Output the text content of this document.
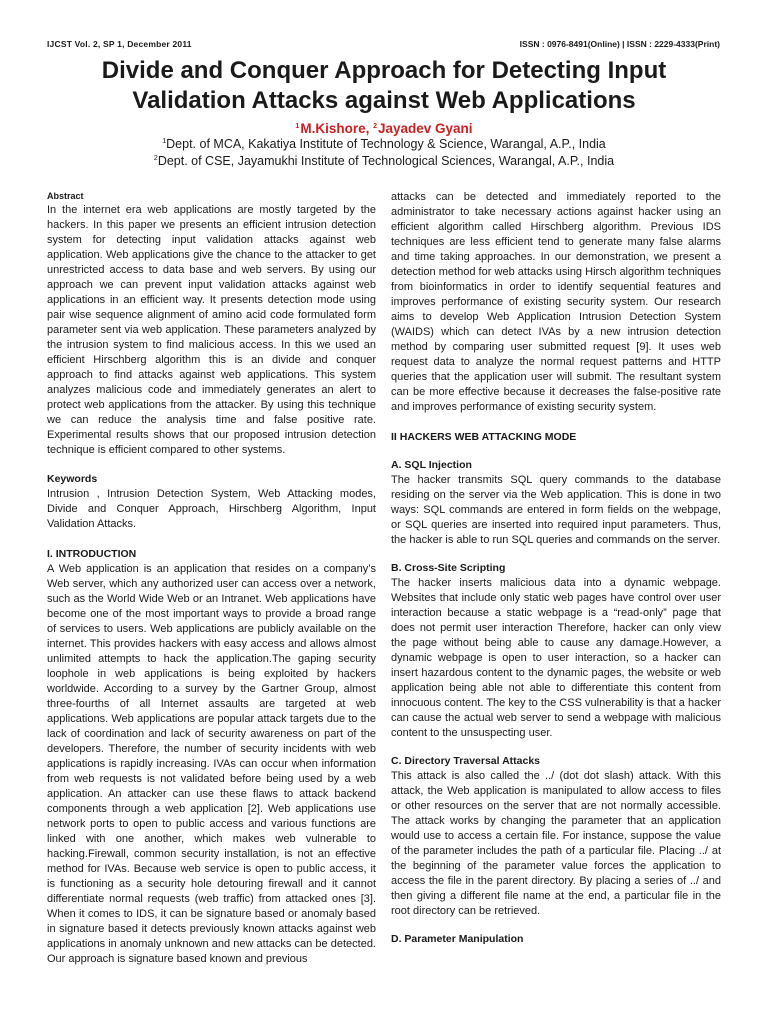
IJCST Vol. 2, SP 1, December 2011	ISSN : 0976-8491(Online) | ISSN : 2229-4333(Print)
Divide and Conquer Approach for Detecting Input
Validation Attacks against Web Applications
$^1$M.Kishore, $^2$Jayadev Gyani
$^1$Dept. of MCA, Kakatiya Institute of Technology & Science, Warangal, A.P., India
$^2$Dept. of CSE, Jayamukhi Institute of Technological Sciences, Warangal, A.P., India

Abstract

In the internet era web applications are mostly targeted by the hackers. In this paper we presents an efficient intrusion detection system for detecting input validation attacks against web application. Web applications give the chance to the attacker to get unrestricted access to data base and web servers. By using our approach we can prevent input validation attacks against web applications in an efficient way. It presents detection mode using pair wise sequence alignment of amino acid code formulated form parameter sent via web application. These parameters analyzed by the intrusion system to find malicious access. In this we used an efficient Hirschberg algorithm this is an divide and conquer approach to find attacks against web applications. This system analyzes malicious code and immediately generates an alert to protect web applications from the attacker. By using this technique we can reduce the analysis time and false positive rate. Experimental results shows that our proposed intrusion detection technique is efficient compared to other systems.

Keywords

Intrusion , Intrusion Detection System, Web Attacking modes, Divide and Conquer Approach, Hirschberg Algorithm, Input Validation Attacks.

I. INTRODUCTION

A Web application is an application that resides on a company’s Web server, which any authorized user can access over a network, such as the World Wide Web or an Intranet. Web applications have become one of the most important ways to provide a broad range of services to users. Web applications are publicly available on the internet. This provides hackers with easy access and allows almost unlimited attempts to hack the application.The gaping security loophole in web applications is being exploited by hackers worldwide. According to a survey by the Gartner Group, almost three-fourths of all Internet assaults are targeted at web applications. Web applications are popular attack targets due to the lack of coordination and lack of security awareness on part of the developers. Therefore, the number of security incidents with web applications is rapidly increasing. IVAs can occur when information from web requests is not validated before being used by a web application. An attacker can use these flaws to attack backend components through a web application [2]. Web applications use network ports to open to public access and various functions are linked with one another, which makes web vulnerable to hacking.Firewall, common security installation, is not an effective method for IVAs. Because web service is open to public access, it is functioning as a security hole detouring firewall and it cannot differentiate normal requests (web traffic) from attacked ones [3]. When it comes to IDS, it can be signature based or anomaly based in signature based it detects previously known attacks against web applications in anomaly unknown and new attacks can be detected. Our approach is signature based known and previous

attacks can be detected and immediately reported to the administrator to take necessary actions against hacker using an efficient algorithm called Hirschberg algorithm. Previous IDS techniques are less efficient tend to generate many false alarms and time taking approaches. In our demonstration, we present a detection method for web attacks using Hirsch algorithm techniques from bioinformatics in order to identify sequential features and improves performance of existing security system. Our research aims to develop Web Application Intrusion Detection System (WAIDS) which can detect IVAs by a new intrusion detection method by comparing user submitted request [9]. It uses web request data to analyze the normal request patterns and HTTP queries that the application user will submit. The resultant system can be more effective because it decreases the false-positive rate and improves performance of existing security system.

II HACKERS WEB ATTACKING MODE

A. SQL Injection

The hacker transmits SQL query commands to the database residing on the server via the Web application. This is done in two ways: SQL commands are entered in form fields on the webpage, or SQL queries are inserted into required input parameters. Thus, the hacker is able to run SQL queries and commands on the server.

B. Cross-Site Scripting

The hacker inserts malicious data into a dynamic webpage. Websites that include only static web pages have control over user interaction because a static webpage is a “read-only” page that does not permit user interaction Therefore, hacker can only view the page without being able to cause any damage.However, a dynamic webpage is open to user interaction, so a hacker can insert hazardous content to the dynamic pages, the website or web application being able not able to differentiate this content from innocuous content. The key to the CSS vulnerability is that a hacker can cause the actual web server to send a webpage with malicious content to the unsuspecting user.

C. Directory Traversal Attacks

This attack is also called the ../ (dot dot slash) attack. With this attack, the Web application is manipulated to allow access to files or other resources on the server that are not normally accessible. The attack works by changing the parameter that an application would use to access a certain file. For instance, suppose the value of the parameter includes the path of a particular file. Placing ../ at the beginning of the parameter value forces the application to access the file in the parent directory. By placing a series of ../ and then giving a different file name at the end, a particular file in the root directory can be retrieved.

D. Parameter Manipulation
